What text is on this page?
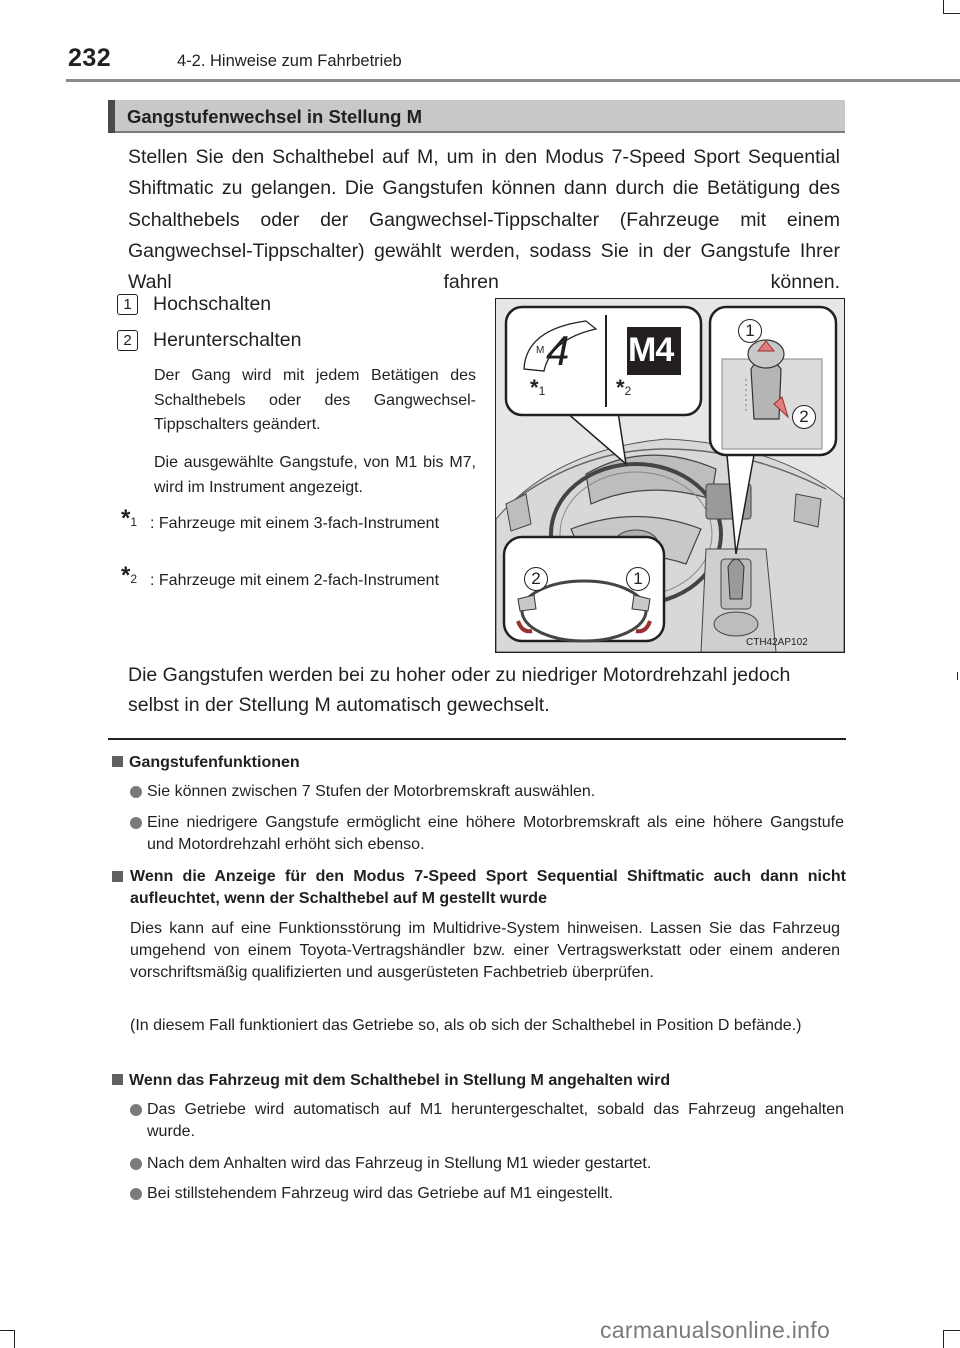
232	4-2. Hinweise zum Fahrbetrieb
Gangstufenwechsel in Stellung M
Stellen Sie den Schalthebel auf M, um in den Modus 7-Speed Sport Sequential Shiftmatic zu gelangen. Die Gangstufen können dann durch die Betätigung des Schalthebels oder der Gangwechsel-Tippschalter (Fahrzeuge mit einem Gangwechsel-Tippschalter) gewählt werden, sodass Sie in der Gangstufe Ihrer Wahl fahren können.
1	Hochschalten
2	Herunterschalten
Der Gang wird mit jedem Betätigen des Schalthebels oder des Gangwechsel-Tippschalters geändert.
Die ausgewählte Gangstufe, von M1 bis M7, wird im Instrument angezeigt.
*1 : Fahrzeuge mit einem 3-fach-Instrument
*2 : Fahrzeuge mit einem 2-fach-Instrument
M 4 M4
*1	*2
1
2
2	1
CTH42AP102
Die Gangstufen werden bei zu hoher oder zu niedriger Motordrehzahl jedoch selbst in der Stellung M automatisch gewechselt.
Gangstufenfunktionen
Sie können zwischen 7 Stufen der Motorbremskraft auswählen.
Eine niedrigere Gangstufe ermöglicht eine höhere Motorbremskraft als eine höhere Gangstufe und Motordrehzahl erhöht sich ebenso.
Wenn die Anzeige für den Modus 7-Speed Sport Sequential Shiftmatic auch dann nicht aufleuchtet, wenn der Schalthebel auf M gestellt wurde
Dies kann auf eine Funktionsstörung im Multidrive-System hinweisen. Lassen Sie das Fahrzeug umgehend von einem Toyota-Vertragshändler bzw. einer Vertragswerkstatt oder einem anderen vorschriftsmäßig qualifizierten und ausgerüsteten Fachbetrieb überprüfen.
(In diesem Fall funktioniert das Getriebe so, als ob sich der Schalthebel in Position D befände.)
Wenn das Fahrzeug mit dem Schalthebel in Stellung M angehalten wird
Das Getriebe wird automatisch auf M1 heruntergeschaltet, sobald das Fahrzeug angehalten wurde.
Nach dem Anhalten wird das Fahrzeug in Stellung M1 wieder gestartet.
Bei stillstehendem Fahrzeug wird das Getriebe auf M1 eingestellt.
carmanualsonline.info
